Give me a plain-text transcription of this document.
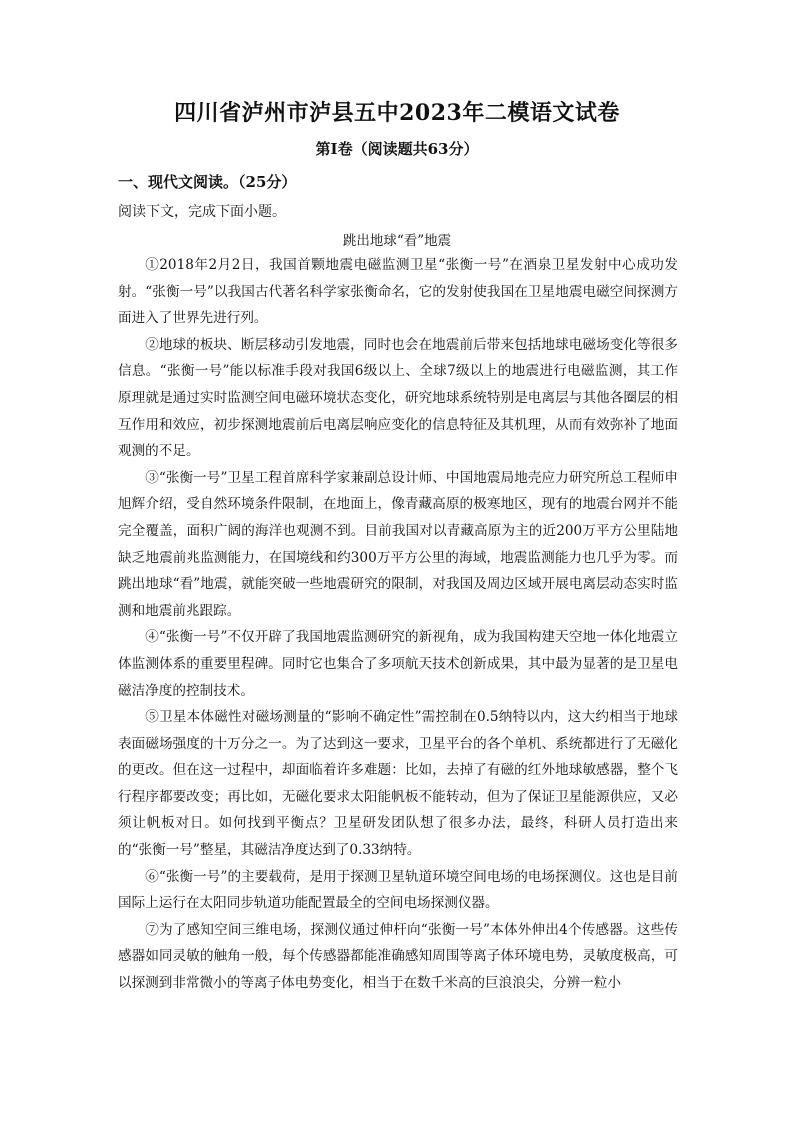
四川省泸州市泸县五中2023年二模语文试卷
第Ⅰ卷（阅读题共63分）
一、现代文阅读。（25分）
阅读下文，完成下面小题。
跳出地球“看”地震

①2018年2月2日，我国首颗地震电磁监测卫星“张衡一号”在酒泉卫星发射中心成功发射。“张衡一号”以我国古代著名科学家张衡命名，它的发射使我国在卫星地震电磁空间探测方面进入了世界先进行列。

②地球的板块、断层移动引发地震，同时也会在地震前后带来包括地球电磁场变化等很多信息。“张衡一号”能以标准手段对我国6级以上、全球7级以上的地震进行电磁监测，其工作原理就是通过实时监测空间电磁环境状态变化，研究地球系统特别是电离层与其他各圈层的相互作用和效应，初步探测地震前后电离层响应变化的信息特征及其机理，从而有效弥补了地面观测的不足。

③“张衡一号”卫星工程首席科学家兼副总设计师、中国地震局地壳应力研究所总工程师申旭辉介绍，受自然环境条件限制，在地面上，像青藏高原的极寒地区，现有的地震台网并不能完全覆盖，面积广阔的海洋也观测不到。目前我国对以青藏高原为主的近200万平方公里陆地缺乏地震前兆监测能力，在国境线和约300万平方公里的海域，地震监测能力也几乎为零。而跳出地球“看”地震，就能突破一些地震研究的限制，对我国及周边区域开展电离层动态实时监测和地震前兆跟踪。

④“张衡一号”不仅开辟了我国地震监测研究的新视角，成为我国构建天空地一体化地震立体监测体系的重要里程碑。同时它也集合了多项航天技术创新成果，其中最为显著的是卫星电磁洁净度的控制技术。

⑤卫星本体磁性对磁场测量的“影响不确定性”需控制在0.5纳特以内，这大约相当于地球表面磁场强度的十万分之一。为了达到这一要求，卫星平台的各个单机、系统都进行了无磁化的更改。但在这一过程中，却面临着许多难题：比如，去掉了有磁的红外地球敏感器，整个飞行程序都要改变；再比如，无磁化要求太阳能帆板不能转动，但为了保证卫星能源供应，又必须让帆板对日。如何找到平衡点？卫星研发团队想了很多办法，最终，科研人员打造出来的“张衡一号”整星，其磁洁净度达到了0.33纳特。

⑥“张衡一号”的主要载荷，是用于探测卫星轨道环境空间电场的电场探测仪。这也是目前国际上运行在太阳同步轨道功能配置最全的空间电场探测仪器。

⑦为了感知空间三维电场，探测仪通过伸杆向“张衡一号”本体外伸出4个传感器。这些传感器如同灵敏的触角一般，每个传感器都能准确感知周围等离子体环境电势，灵敏度极高，可以探测到非常微小的等离子体电势变化，相当于在数千米高的巨浪浪尖，分辨一粒小
